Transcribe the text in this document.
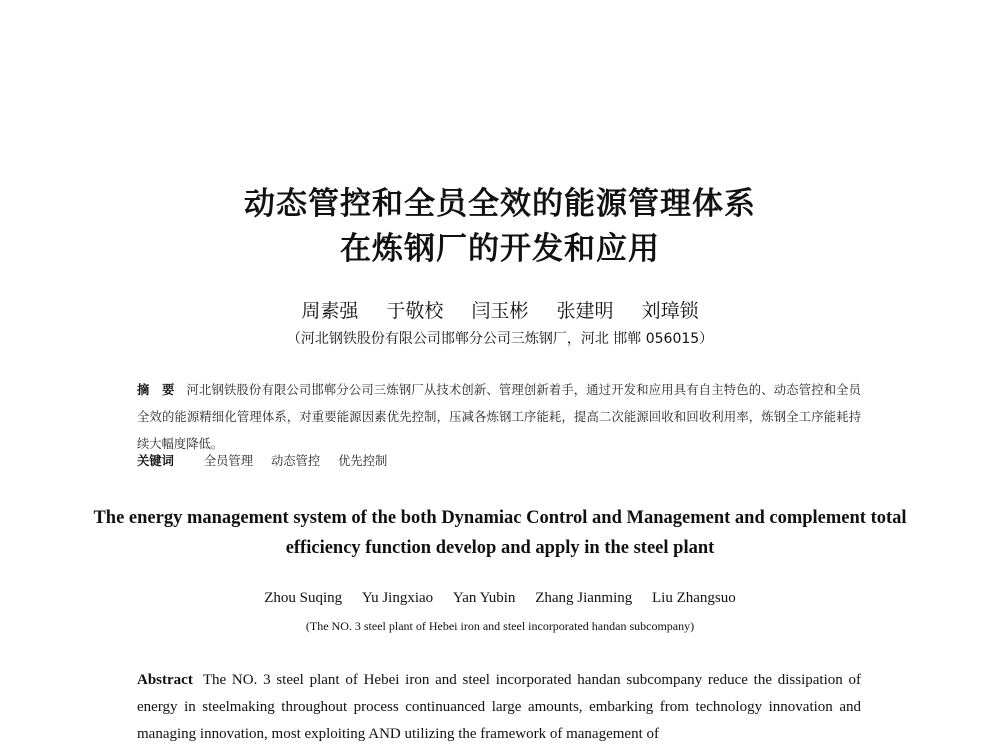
动态管控和全员全效的能源管理体系
在炼钢厂的开发和应用
周素强 于敬校 闫玉彬 张建明 刘璋锁
（河北钢铁股份有限公司邯郸分公司三炼钢厂，河北 邯郸 056015）
摘　要 河北钢铁股份有限公司邯郸分公司三炼钢厂从技术创新、管理创新着手，通过开发和应用具有自主特色的、动态管控和全员全效的能源精细化管理体系，对重要能源因素优先控制，压减各炼钢工序能耗，提高二次能源回收和回收利用率，炼钢全工序能耗持续大幅度降低。
关键词 全员管理 动态管控 优先控制
The energy management system of the both Dynamiac Control and Management and complement total efficiency function develop and apply in the steel plant
Zhou Suqing Yu Jingxiao Yan Yubin Zhang Jianming Liu Zhangsuo
(The NO. 3 steel plant of Hebei iron and steel incorporated handan subcompany)
Abstract The NO. 3 steel plant of Hebei iron and steel incorporated handan subcompany reduce the dissipation of energy in steelmaking throughout process continuanced large amounts, embarking from technology innovation and managing innovation, most exploiting AND utilizing the framework of management of
